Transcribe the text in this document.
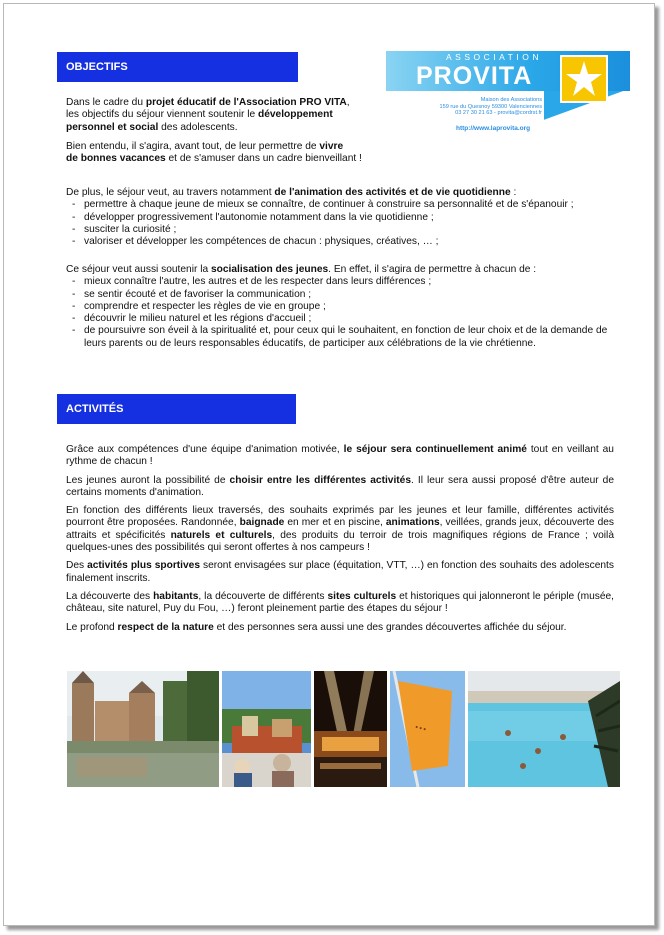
OBJECTIFS
ASSOCIATION
PROVITA
Maison des Associations
159 rue du Quesnoy 59300 Valenciennes
03 27 30 21 63 - provita@cordrst.fr
http://www.laprovita.org

Dans le cadre du projet éducatif de l'Association PRO VITA,
les objectifs du séjour viennent soutenir le développement
personnel et social des adolescents.

Bien entendu, il s'agira, avant tout, de leur permettre de vivre
de bonnes vacances et de s'amuser dans un cadre bienveillant !

De plus, le séjour veut, au travers notamment de l'animation des activités et de vie quotidienne :

- permettre à chaque jeune de mieux se connaître, de continuer à construire sa personnalité et de s'épanouir ;
- développer progressivement l'autonomie notamment dans la vie quotidienne ;
- susciter la curiosité ;
- valoriser et développer les compétences de chacun : physiques, créatives, … ;

Ce séjour veut aussi soutenir la socialisation des jeunes. En effet, il s'agira de permettre à chacun de :

- mieux connaître l'autre, les autres et de les respecter dans leurs différences ;
- se sentir écouté et de favoriser la communication ;
- comprendre et respecter les règles de vie en groupe ;
- découvrir le milieu naturel et les régions d'accueil ;
- de poursuivre son éveil à la spiritualité et, pour ceux qui le souhaitent, en fonction de leur choix et de la demande de leurs parents ou de leurs responsables éducatifs, de participer aux célébrations de la vie chrétienne.
ACTIVITÉS

Grâce aux compétences d'une équipe d'animation motivée, le séjour sera continuellement animé tout en veillant au rythme de chacun !

Les jeunes auront la possibilité de choisir entre les différentes activités. Il leur sera aussi proposé d'être auteur de certains moments d'animation.

En fonction des différents lieux traversés, des souhaits exprimés par les jeunes et leur famille, différentes activités pourront être proposées. Randonnée, baignade en mer et en piscine, animations, veillées, grands jeux, découverte des attraits et spécificités naturels et culturels, des produits du terroir de trois magnifiques régions de France ; voilà quelques-unes des possibilités qui seront offertes à nos campeurs !

Des activités plus sportives seront envisagées sur place (équitation, VTT, …) en fonction des souhaits des adolescents finalement inscrits.

La découverte des habitants, la découverte de différents sites culturels et historiques qui jalonneront le périple (musée, château, site naturel, Puy du Fou, …) feront pleinement partie des étapes du séjour !

Le profond respect de la nature et des personnes sera aussi une des grandes découvertes affichée du séjour.

•••
